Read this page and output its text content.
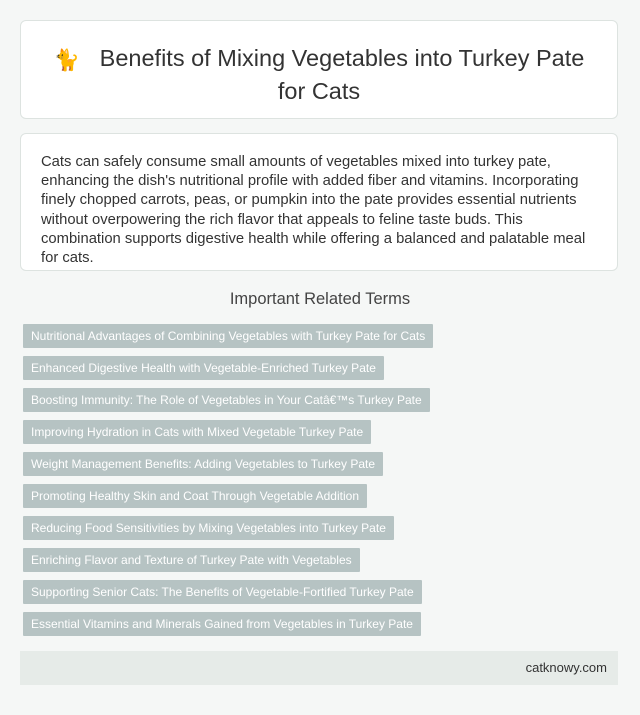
🐈 Benefits of Mixing Vegetables into Turkey Pate for Cats

Cats can safely consume small amounts of vegetables mixed into turkey pate, enhancing the dish's nutritional profile with added fiber and vitamins. Incorporating finely chopped carrots, peas, or pumpkin into the pate provides essential nutrients without overpowering the rich flavor that appeals to feline taste buds. This combination supports digestive health while offering a balanced and palatable meal for cats.

Important Related Terms
Nutritional Advantages of Combining Vegetables with Turkey Pate for Cats
Enhanced Digestive Health with Vegetable-Enriched Turkey Pate
Boosting Immunity: The Role of Vegetables in Your Catâ€™s Turkey Pate
Improving Hydration in Cats with Mixed Vegetable Turkey Pate
Weight Management Benefits: Adding Vegetables to Turkey Pate
Promoting Healthy Skin and Coat Through Vegetable Addition
Reducing Food Sensitivities by Mixing Vegetables into Turkey Pate
Enriching Flavor and Texture of Turkey Pate with Vegetables
Supporting Senior Cats: The Benefits of Vegetable-Fortified Turkey Pate
Essential Vitamins and Minerals Gained from Vegetables in Turkey Pate
catknowy.com
